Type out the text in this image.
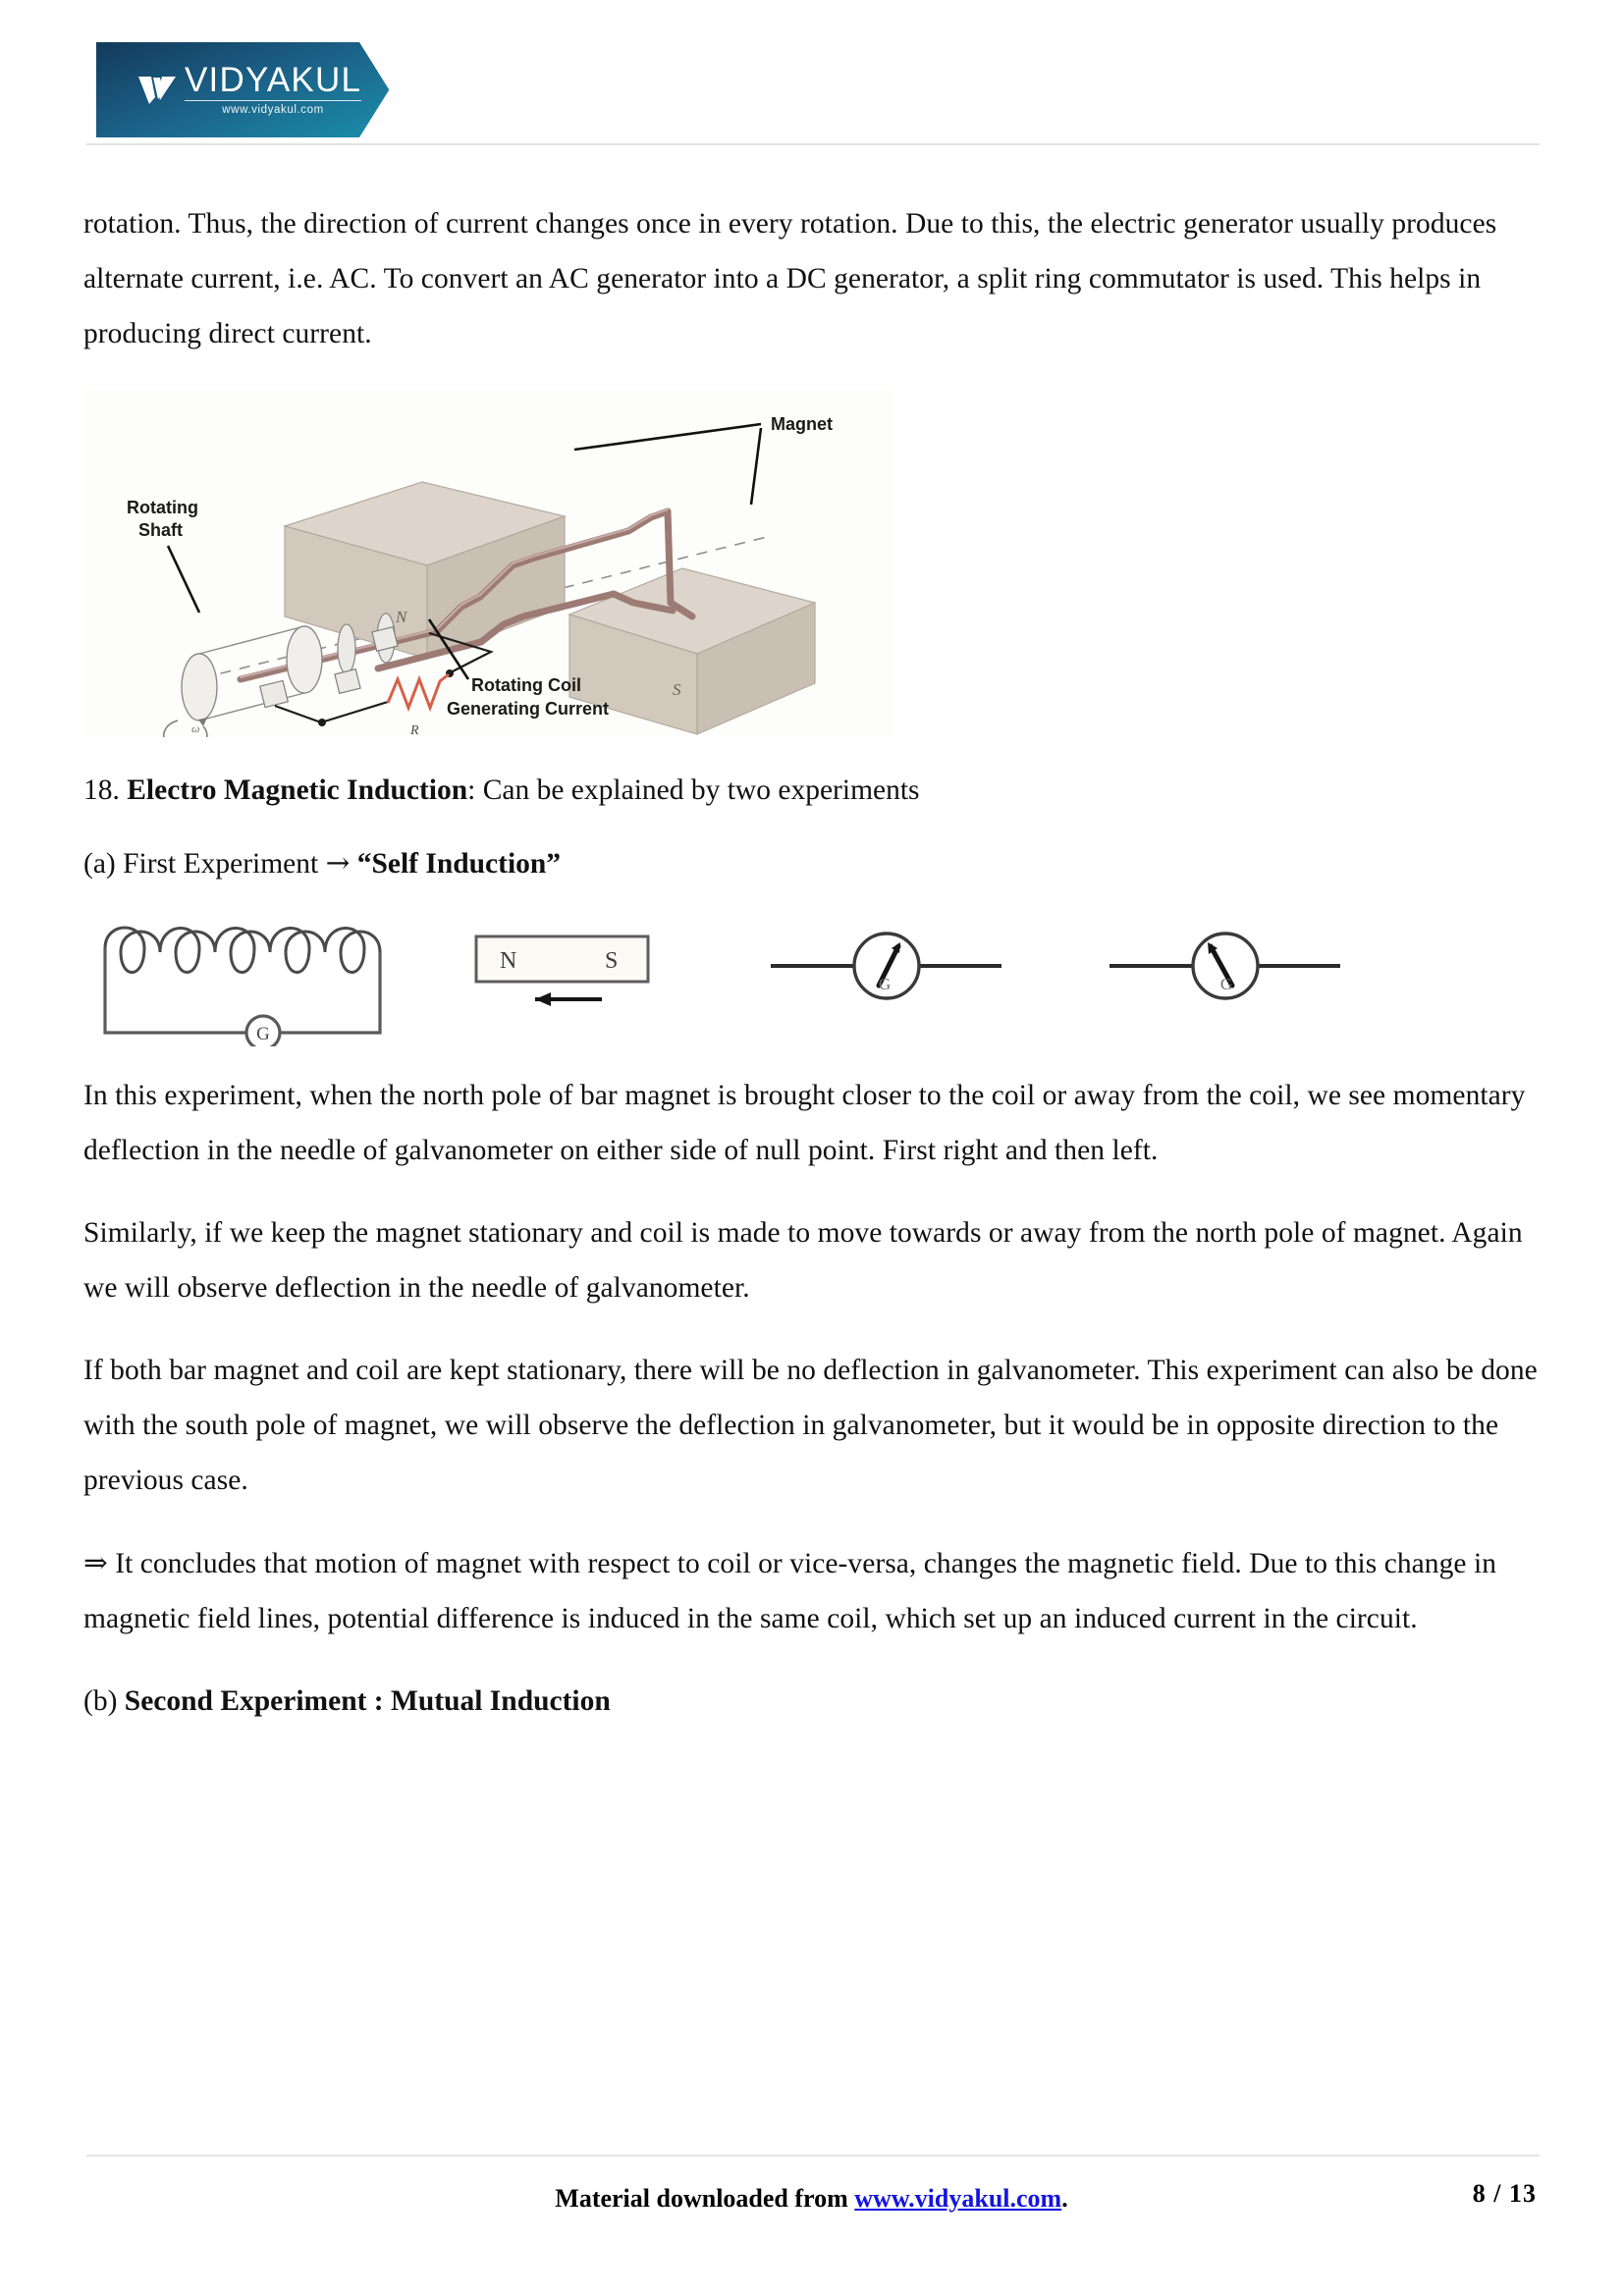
VIDYAKUL
www.vidyakul.com

rotation. Thus, the direction of current changes once in every rotation. Due to this, the electric generator usually produces alternate current, i.e. AC. To convert an AC generator into a DC generator, a split ring commutator is used. This helps in producing direct current.

N
S
ω	R
Rotating
Shaft
Magnet
Rotating Coil
Generating Current

18. Electro Magnetic Induction: Can be explained by two experiments

(a) First Experiment → “Self Induction”

G
N	S
G	G

In this experiment, when the north pole of bar magnet is brought closer to the coil or away from the coil, we see momentary deflection in the needle of galvanometer on either side of null point. First right and then left.

Similarly, if we keep the magnet stationary and coil is made to move towards or away from the north pole of magnet. Again we will observe deflection in the needle of galvanometer.

If both bar magnet and coil are kept stationary, there will be no deflection in galvanometer. This experiment can also be done with the south pole of magnet, we will observe the deflection in galvanometer, but it would be in opposite direction to the previous case.

⇒ It concludes that motion of magnet with respect to coil or vice-versa, changes the magnetic field. Due to this change in magnetic field lines, potential difference is induced in the same coil, which set up an induced current in the circuit.

(b) Second Experiment : Mutual Induction

Material downloaded from www.vidyakul.com.	8 / 13
